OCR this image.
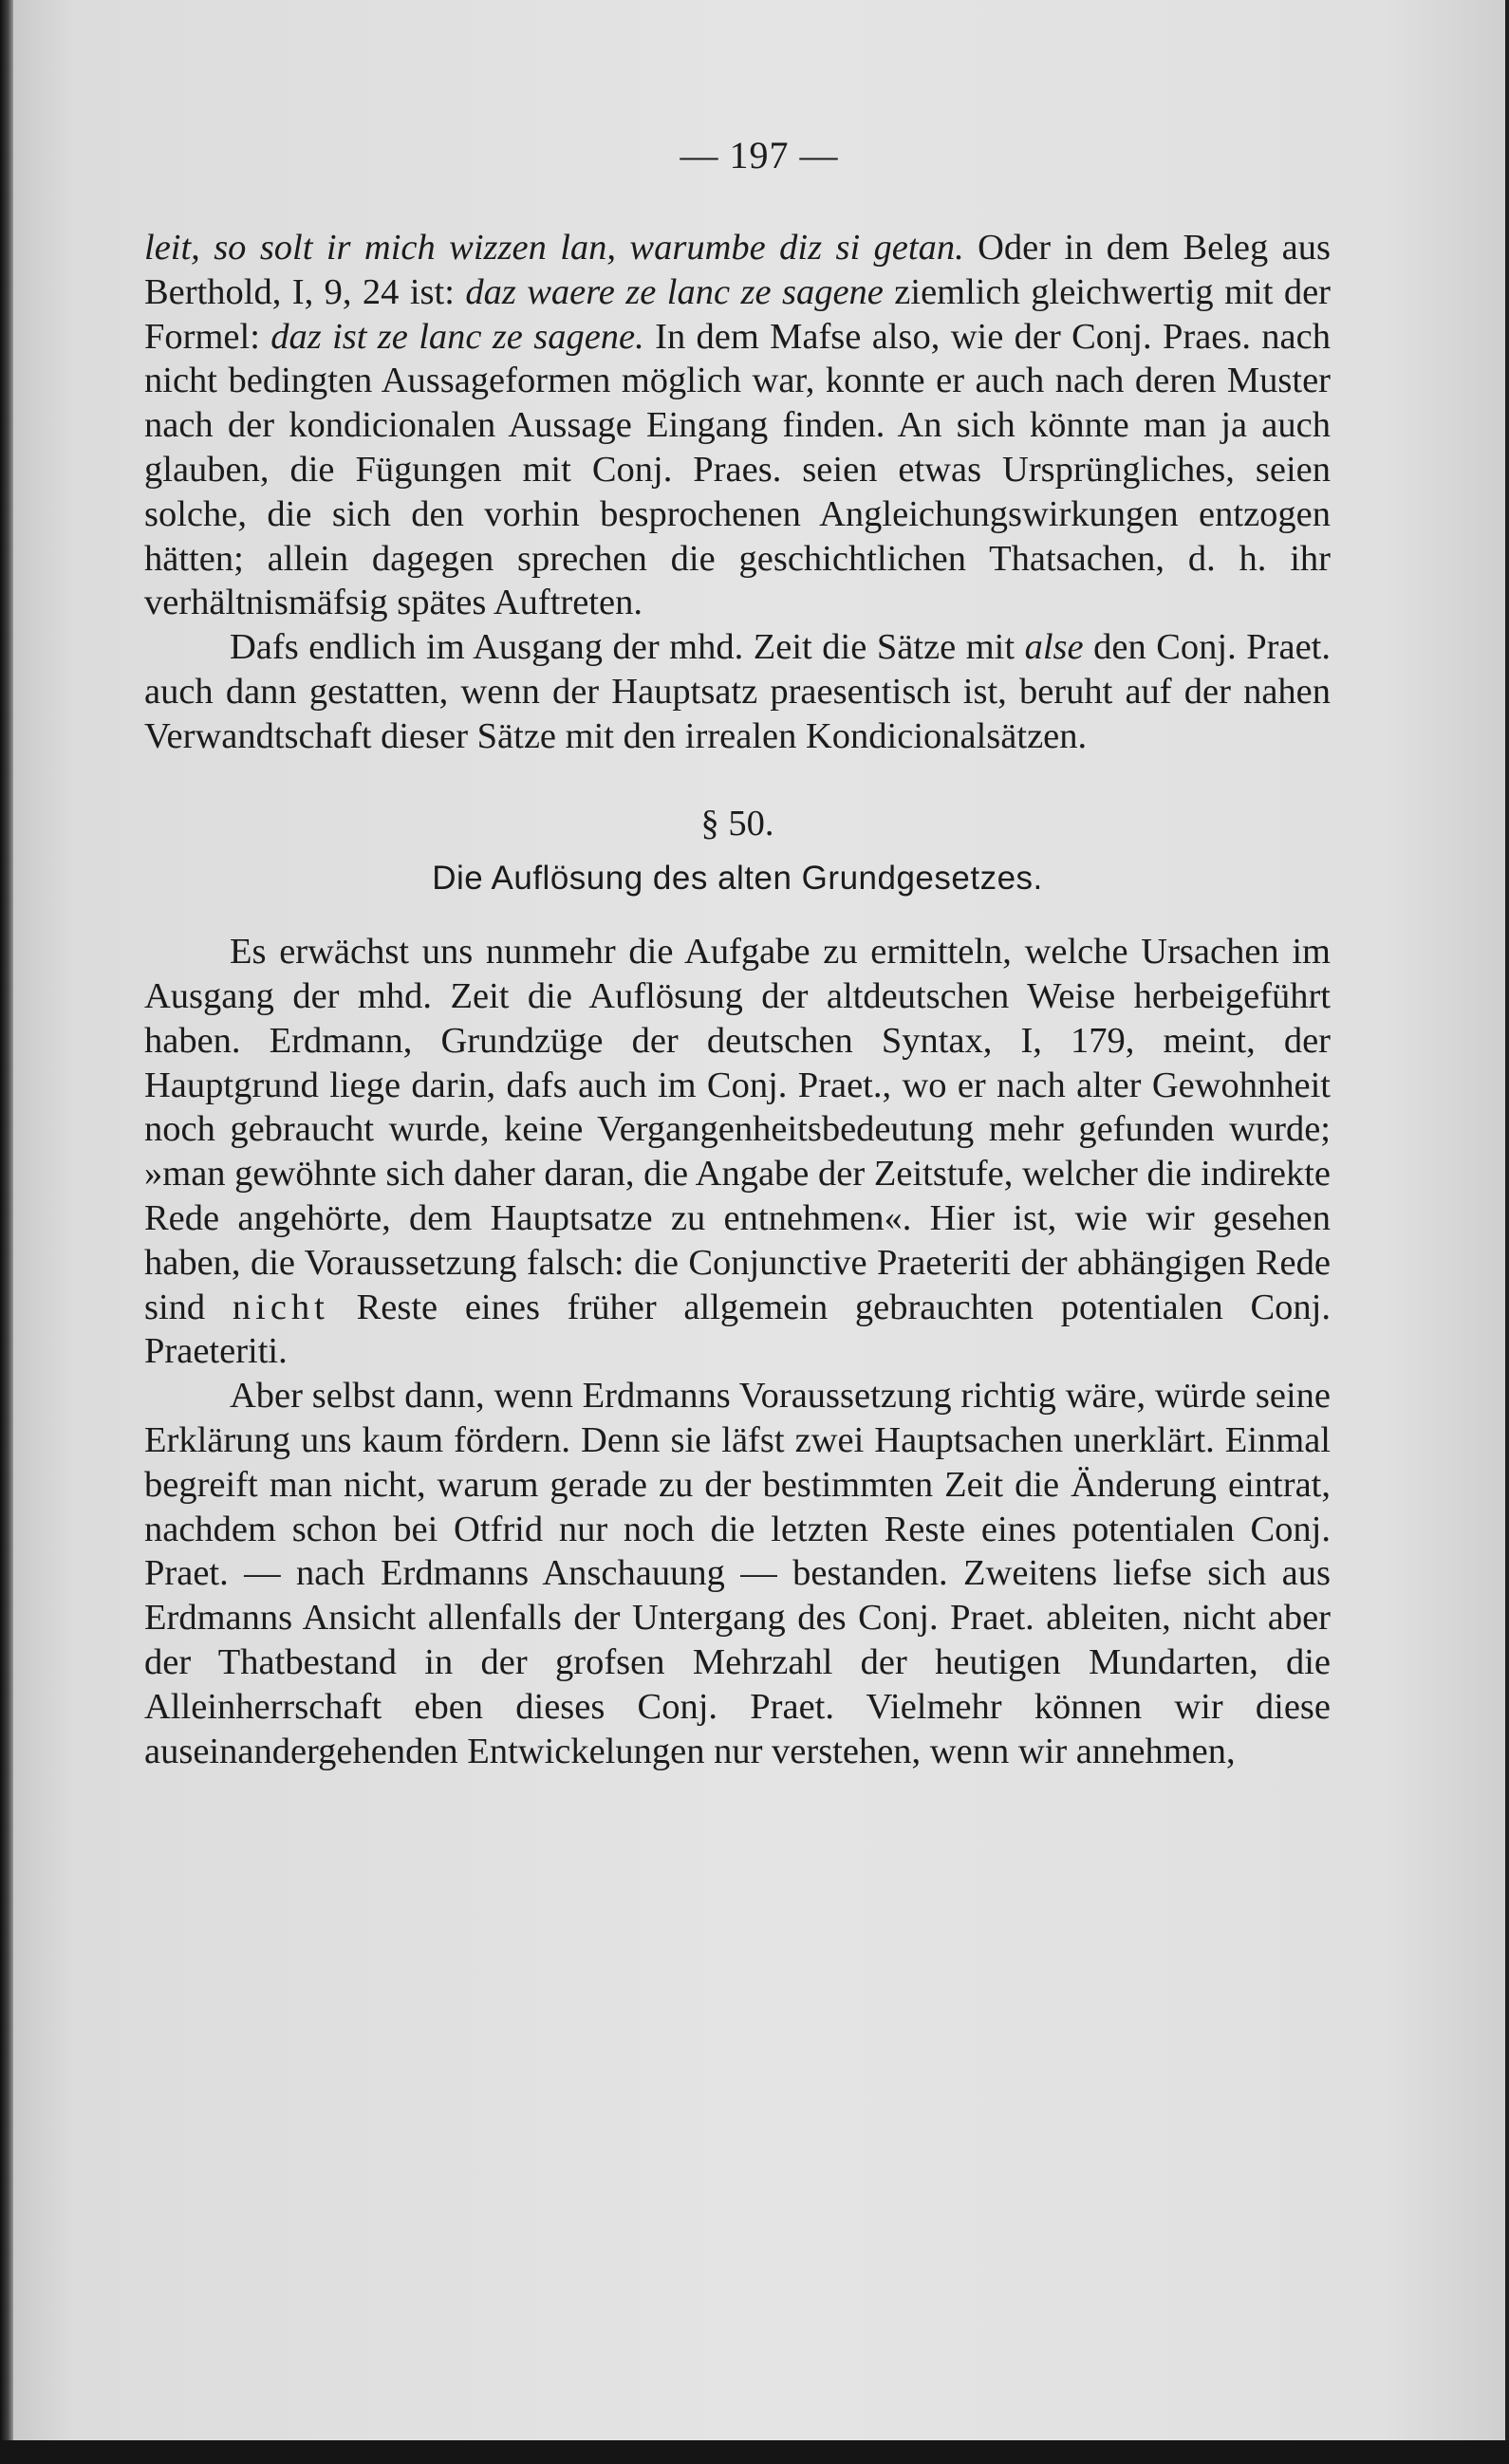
— 197 —

leit, so solt ir mich wizzen lan, warumbe diz si getan. Oder in dem Beleg aus Berthold, I, 9, 24 ist: daz waere ze lanc ze sagene ziemlich gleichwertig mit der Formel: daz ist ze lanc ze sagene. In dem Mafse also, wie der Conj. Praes. nach nicht bedingten Aussageformen möglich war, konnte er auch nach deren Muster nach der kondicionalen Aussage Eingang finden. An sich könnte man ja auch glauben, die Fügungen mit Conj. Praes. seien etwas Ursprüngliches, seien solche, die sich den vorhin besprochenen Angleichungswirkungen entzogen hätten; allein dagegen sprechen die geschichtlichen Thatsachen, d. h. ihr verhältnismäfsig spätes Auftreten.

Dafs endlich im Ausgang der mhd. Zeit die Sätze mit alse den Conj. Praet. auch dann gestatten, wenn der Hauptsatz praesentisch ist, beruht auf der nahen Verwandtschaft dieser Sätze mit den irrealen Kondicionalsätzen.

§ 50.
Die Auflösung des alten Grundgesetzes.

Es erwächst uns nunmehr die Aufgabe zu ermitteln, welche Ursachen im Ausgang der mhd. Zeit die Auflösung der altdeutschen Weise herbeigeführt haben. Erdmann, Grundzüge der deutschen Syntax, I, 179, meint, der Hauptgrund liege darin, dafs auch im Conj. Praet., wo er nach alter Gewohnheit noch gebraucht wurde, keine Vergangenheitsbedeutung mehr gefunden wurde; »man gewöhnte sich daher daran, die Angabe der Zeitstufe, welcher die indirekte Rede angehörte, dem Hauptsatze zu entnehmen«. Hier ist, wie wir gesehen haben, die Voraussetzung falsch: die Conjunctive Praeteriti der abhängigen Rede sind nicht Reste eines früher allgemein gebrauchten potentialen Conj. Praeteriti.

Aber selbst dann, wenn Erdmanns Voraussetzung richtig wäre, würde seine Erklärung uns kaum fördern. Denn sie läfst zwei Hauptsachen unerklärt. Einmal begreift man nicht, warum gerade zu der bestimmten Zeit die Änderung eintrat, nachdem schon bei Otfrid nur noch die letzten Reste eines potentialen Conj. Praet. — nach Erdmanns Anschauung — bestanden. Zweitens liefse sich aus Erdmanns Ansicht allenfalls der Untergang des Conj. Praet. ableiten, nicht aber der Thatbestand in der grofsen Mehrzahl der heutigen Mundarten, die Alleinherrschaft eben dieses Conj. Praet. Vielmehr können wir diese auseinandergehenden Entwickelungen nur verstehen, wenn wir annehmen,
